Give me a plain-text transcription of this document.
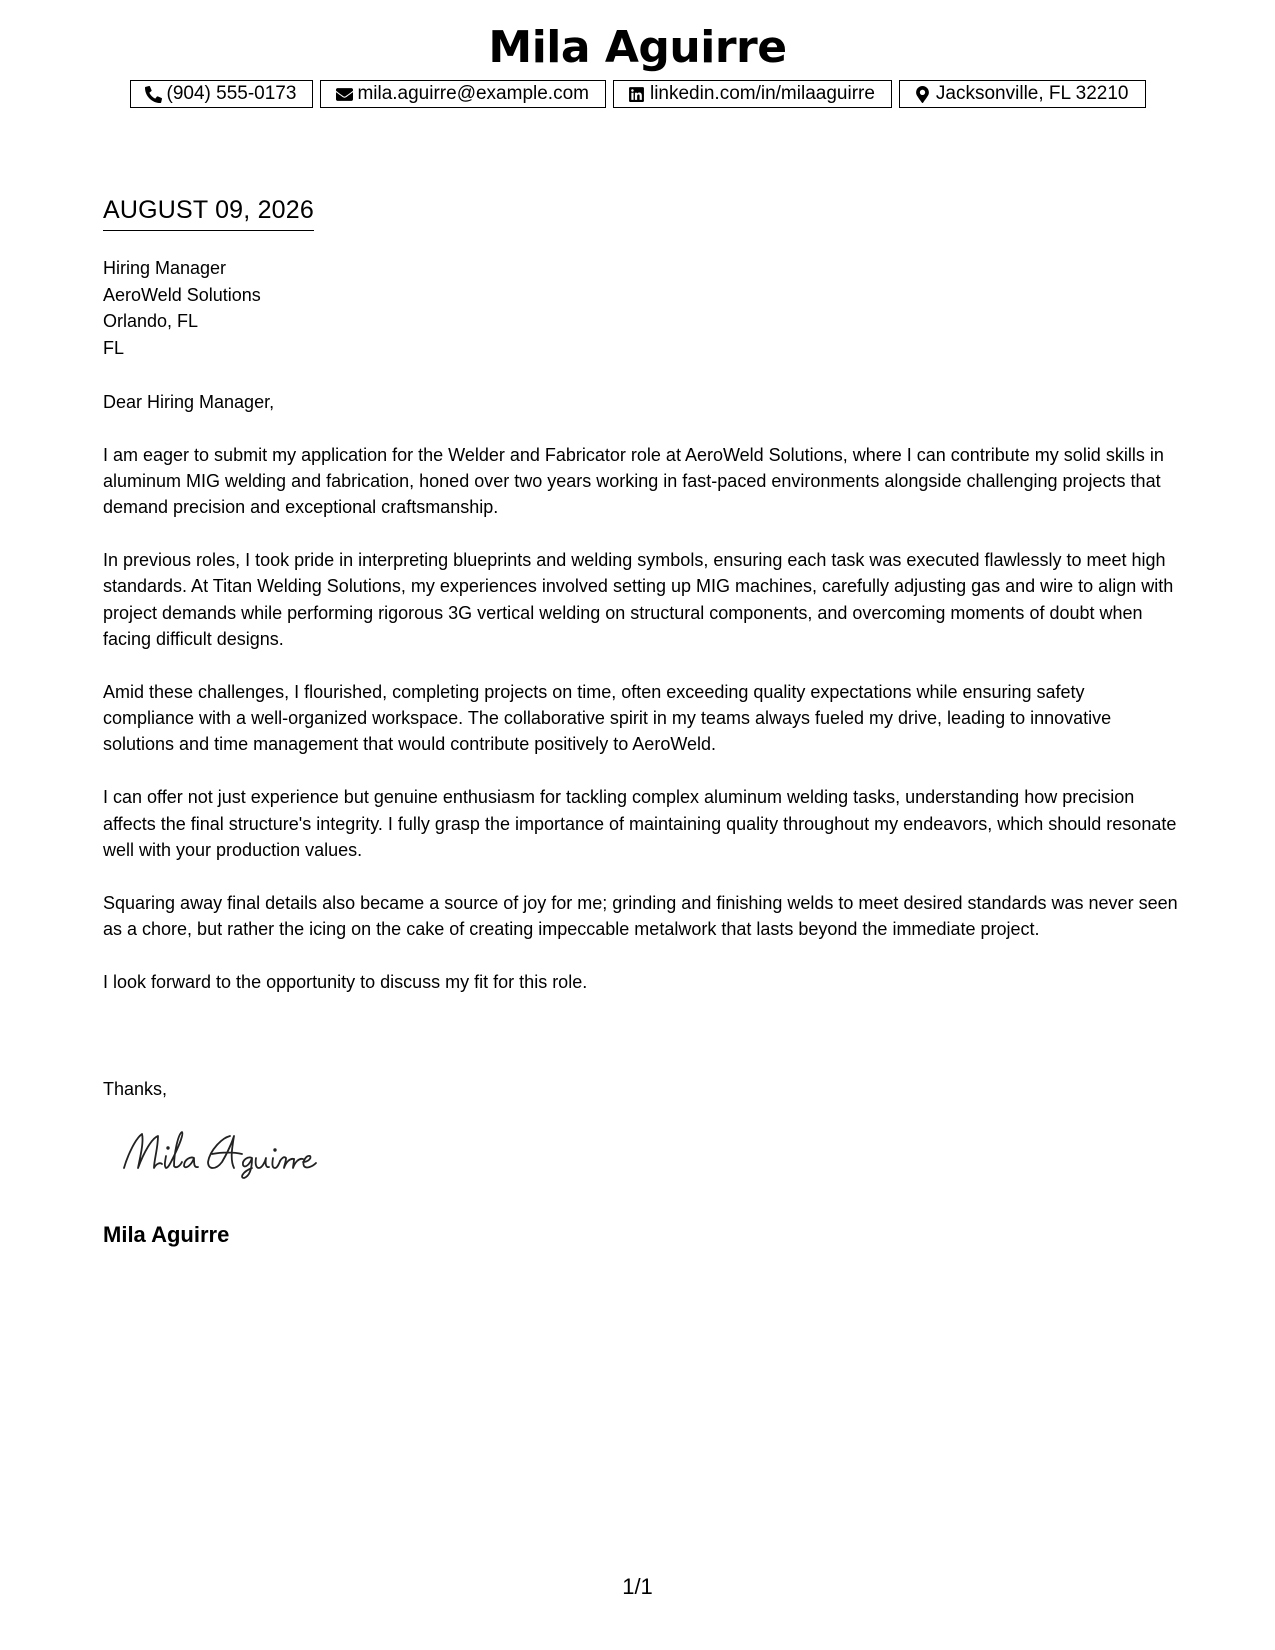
Mila Aguirre
(904) 555-0173	mila.aguirre@example.com	linkedin.com/in/milaaguirre	Jacksonville, FL 32210
AUGUST 09, 2026
Hiring Manager
AeroWeld Solutions
Orlando, FL
FL

Dear Hiring Manager,

I am eager to submit my application for the Welder and Fabricator role at AeroWeld Solutions, where I can contribute my solid skills in aluminum MIG welding and fabrication, honed over two years working in fast-paced environments alongside challenging projects that demand precision and exceptional craftsmanship.

In previous roles, I took pride in interpreting blueprints and welding symbols, ensuring each task was executed flawlessly to meet high standards. At Titan Welding Solutions, my experiences involved setting up MIG machines, carefully adjusting gas and wire to align with project demands while performing rigorous 3G vertical welding on structural components, and overcoming moments of doubt when facing difficult designs.

Amid these challenges, I flourished, completing projects on time, often exceeding quality expectations while ensuring safety compliance with a well-organized workspace. The collaborative spirit in my teams always fueled my drive, leading to innovative solutions and time management that would contribute positively to AeroWeld.

I can offer not just experience but genuine enthusiasm for tackling complex aluminum welding tasks, understanding how precision affects the final structure's integrity. I fully grasp the importance of maintaining quality throughout my endeavors, which should resonate well with your production values.

Squaring away final details also became a source of joy for me; grinding and finishing welds to meet desired standards was never seen as a chore, but rather the icing on the cake of creating impeccable metalwork that lasts beyond the immediate project.

I look forward to the opportunity to discuss my fit for this role.

Thanks,
Mila Aguirre
1/1
